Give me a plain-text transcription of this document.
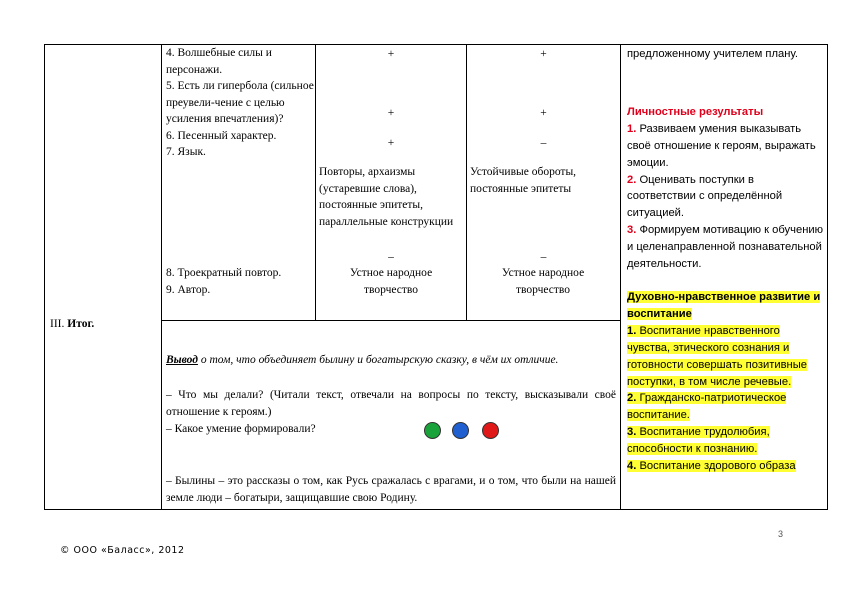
III. Итог.
4. Волшебные силы и персонажи.
5. Есть ли гипербола (сильное преувели-чение с целью усиления впечатления)?
6. Песенный характер.
7. Язык.
8. Троекратный повтор.
9. Автор.
+
+
+
Повторы, архаизмы (устаревшие слова), постоянные эпитеты, параллельные конструкции
–
Устное народное творчество
+
+
–
Устойчивые обороты, постоянные эпитеты
–
Устное народное творчество
Вывод о том, что объединяет былину и богатырскую сказку, в чём их отличие.
– Что мы делали? (Читали текст, отвечали на вопросы по тексту, высказывали своё отношение к героям.)
– Какое умение формировали?
– Былины – это рассказы о том, как Русь сражалась с врагами, и о том, что были на нашей земле люди – богатыри, защищавшие свою Родину.
предложенному учителем плану.
Личностные результаты
1. Развиваем умения выказывать своё отношение к героям, выражать эмоции.
2. Оценивать поступки в соответствии с определённой ситуацией.
3. Формируем мотивацию к обучению и целенаправленной познавательной деятельности.
Духовно-нравственное развитие и воспитание
1. Воспитание нравственного чувства, этического сознания и готовности совершать позитивные поступки, в том числе речевые.
2. Гражданско-патриотическое воспитание.
3. Воспитание трудолюбия, способности к познанию.
4. Воспитание здорового образа
3
© ООО «Баласс», 2012
